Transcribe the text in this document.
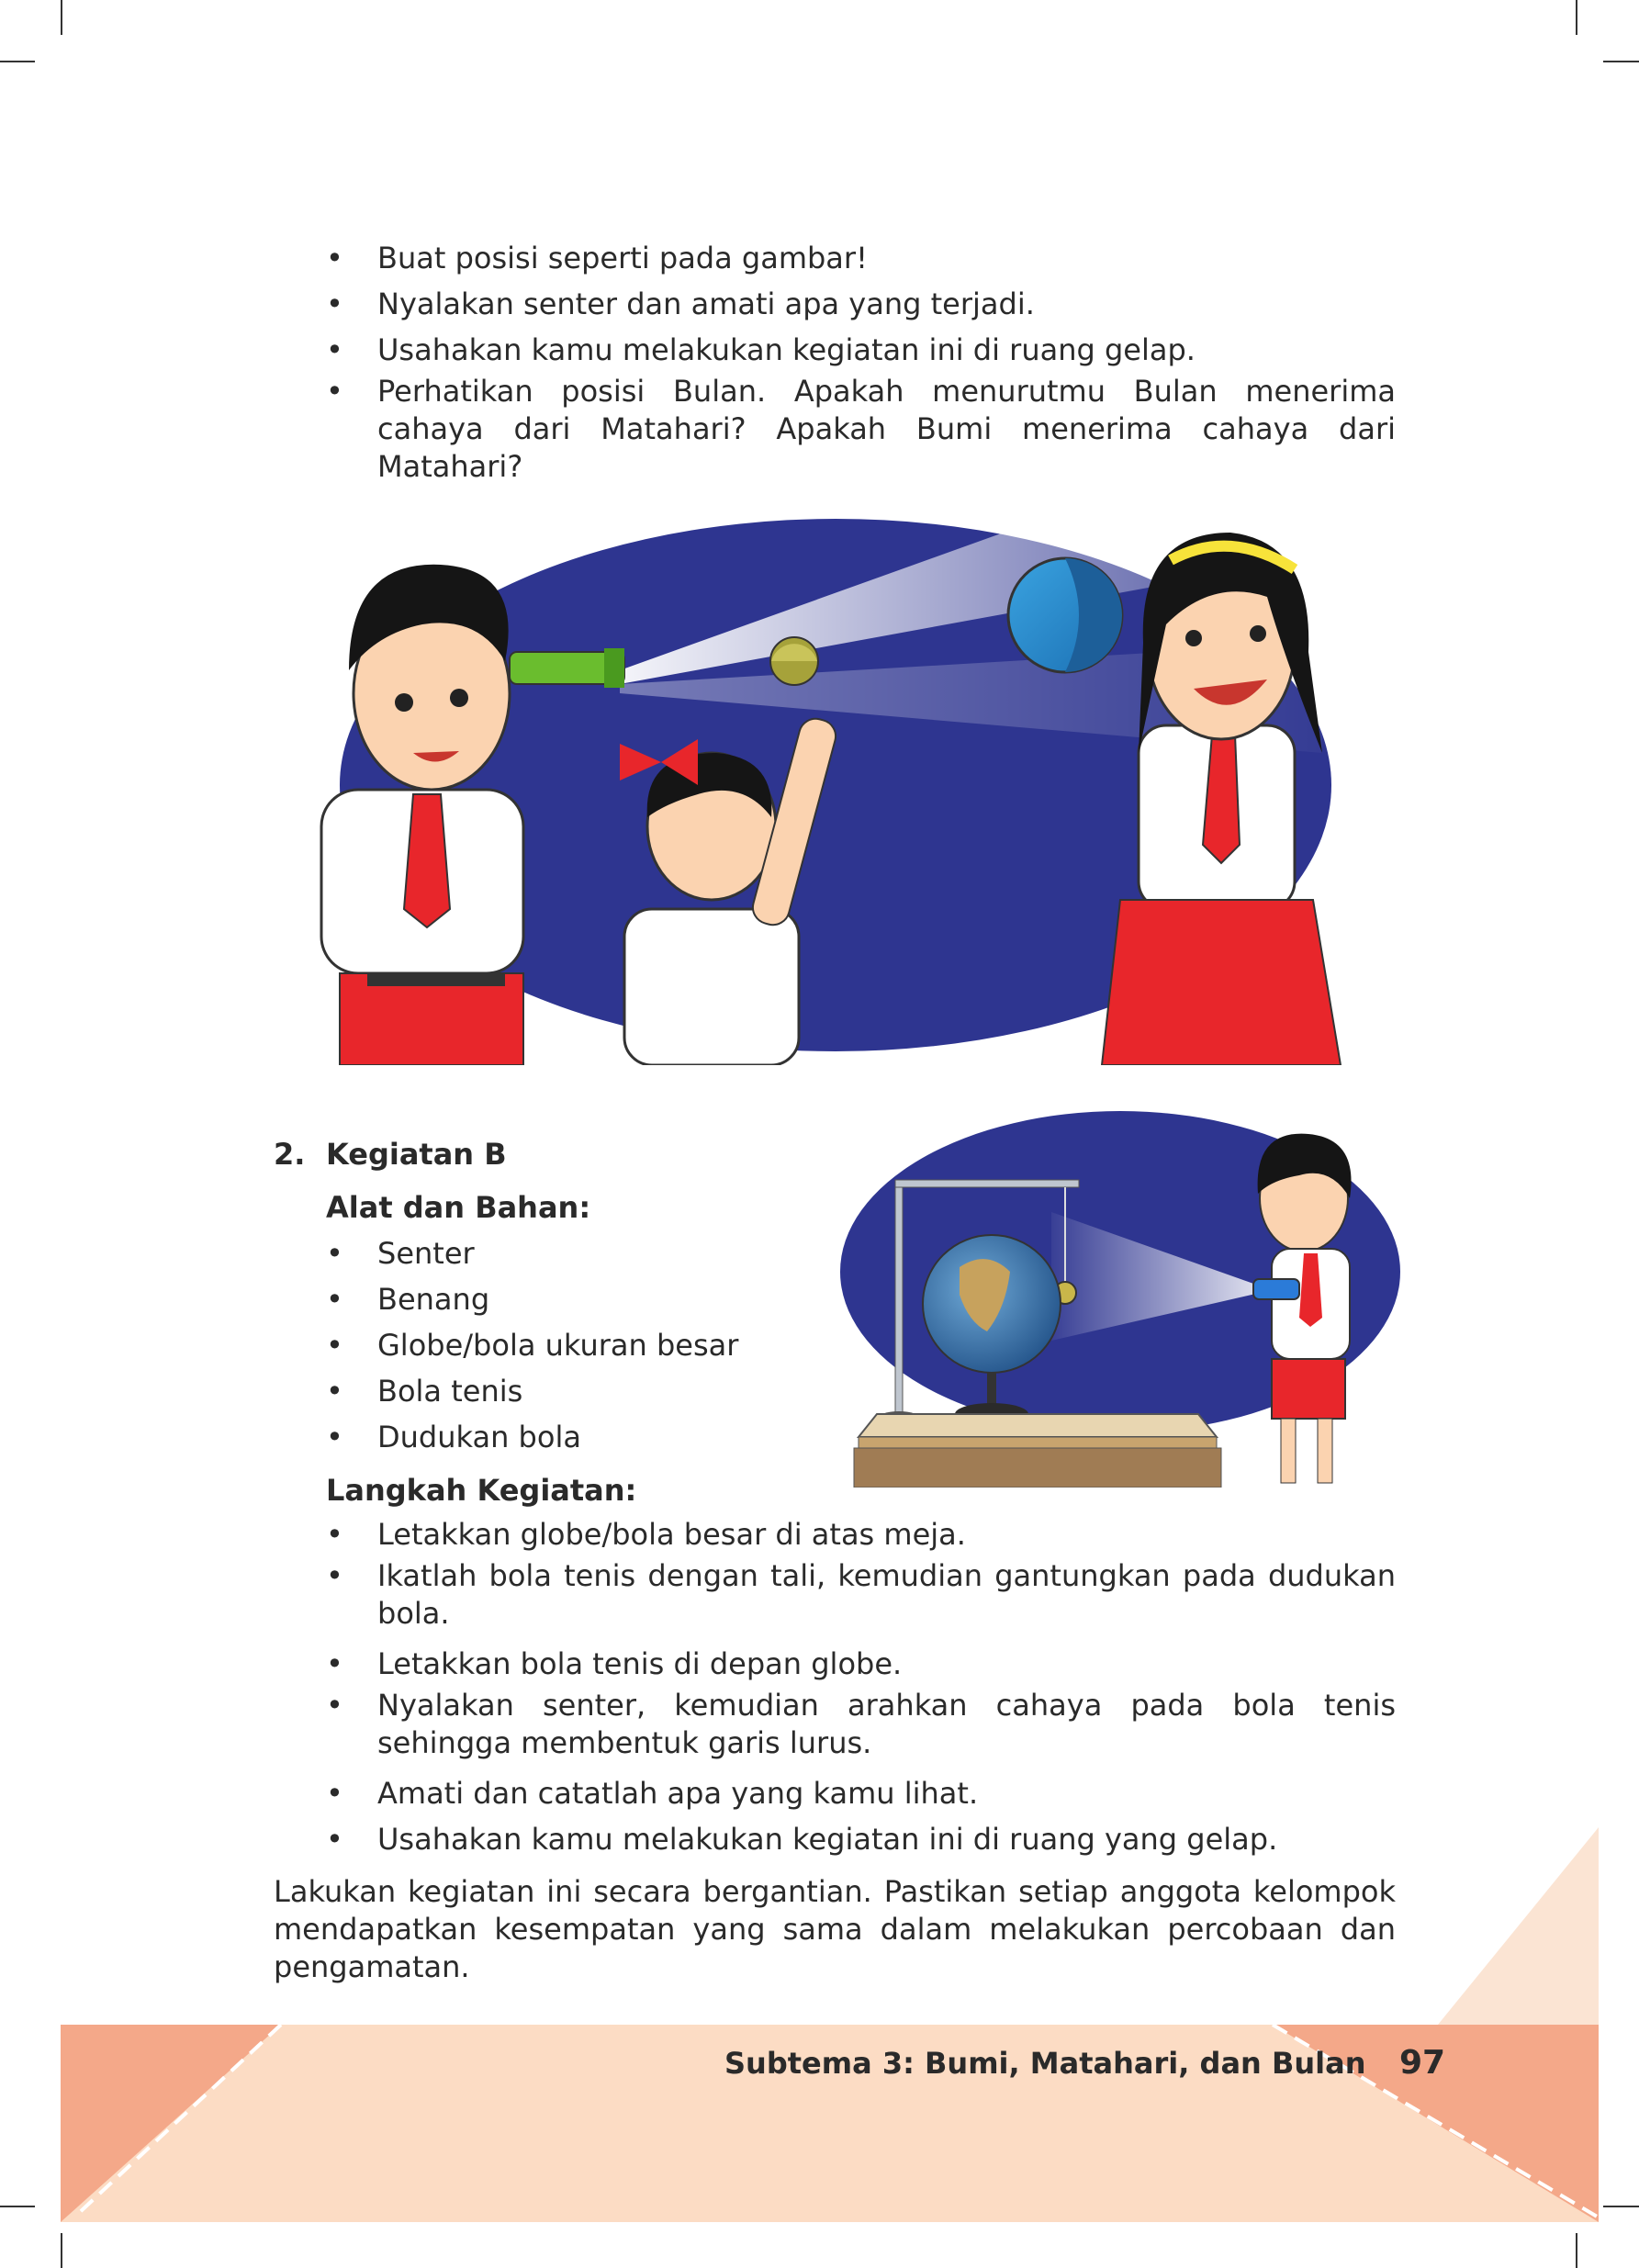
• Buat posisi seperti pada gambar!
• Nyalakan senter dan amati apa yang terjadi.
• Usahakan kamu melakukan kegiatan ini di ruang gelap.
• Perhatikan posisi Bulan. Apakah menurutmu Bulan menerima cahaya dari Matahari? Apakah Bumi menerima cahaya dari Matahari?
2. Kegiatan B
Alat dan Bahan:
• Senter
• Benang
• Globe/bola ukuran besar
• Bola tenis
• Dudukan bola
Langkah Kegiatan:
• Letakkan globe/bola besar di atas meja.
• Ikatlah bola tenis dengan tali, kemudian gantungkan pada dudukan bola.
• Letakkan bola tenis di depan globe.
• Nyalakan senter, kemudian arahkan cahaya pada bola tenis sehingga membentuk garis lurus.
• Amati dan catatlah apa yang kamu lihat.
• Usahakan kamu melakukan kegiatan ini di ruang yang gelap.
Lakukan kegiatan ini secara bergantian. Pastikan setiap anggota kelompok mendapatkan kesempatan yang sama dalam melakukan percobaan dan pengamatan.
Subtema 3: Bumi, Matahari, dan Bulan 97
